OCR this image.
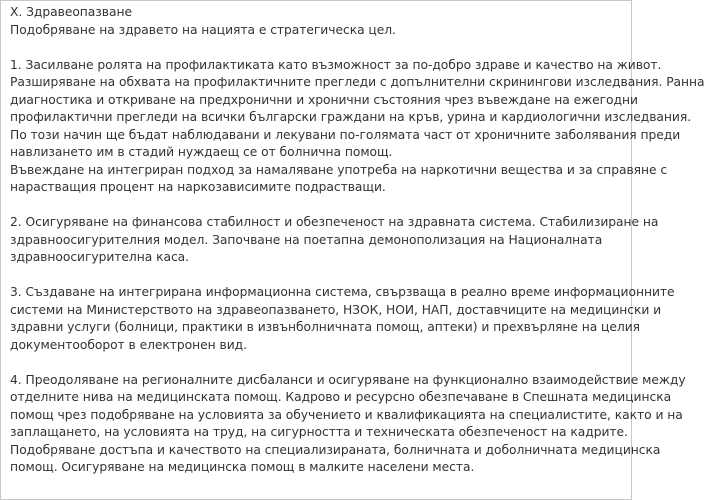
X. Здравеопазване
Подобряване на здравето на нацията е стратегическа цел.
1. Засилване ролята на профилактиката като възможност за по-добро здраве и качество на живот.
Разширяване на обхвата на профилактичните прегледи с допълнителни скринингови изследвания. Ранна
диагностика и откриване на предхронични и хронични състояния чрез въвеждане на ежегодни
профилактични прегледи на всички български граждани на кръв, урина и кардиологични изследвания.
По този начин ще бъдат наблюдавани и лекувани по-голямата част от хроничните заболявания преди
навлизането им в стадий нуждаещ се от болнична помощ.
Въвеждане на интегриран подход за намаляване употреба на наркотични вещества и за справяне с
нарастващия процент на наркозависимите подрастващи.
2. Осигуряване на финансова стабилност и обезпеченост на здравната система. Стабилизиране на
здравноосигурителния модел. Започване на поетапна демонополизация на Националната
здравноосигурителна каса.
3. Създаване на интегрирана информационна система, свързваща в реално време информационните
системи на Министерството на здравеопазването, НЗОК, НОИ, НАП, доставчиците на медицински и
здравни услуги (болници, практики в извънболничната помощ, аптеки) и прехвърляне на целия
документооборот в електронен вид.
4. Преодоляване на регионалните дисбаланси и осигуряване на функционално взаимодействие между
отделните нива на медицинската помощ. Кадрово и ресурсно обезпечаване в Спешната медицинска
помощ чрез подобряване на условията за обучението и квалификацията на специалистите, както и на
заплащането, на условията на труд, на сигурността и техническата обезпеченост на кадрите.
Подобряване достъпа и качеството на специализираната, болничната и доболничната медицинска
помощ. Осигуряване на медицинска помощ в малките населени места.
